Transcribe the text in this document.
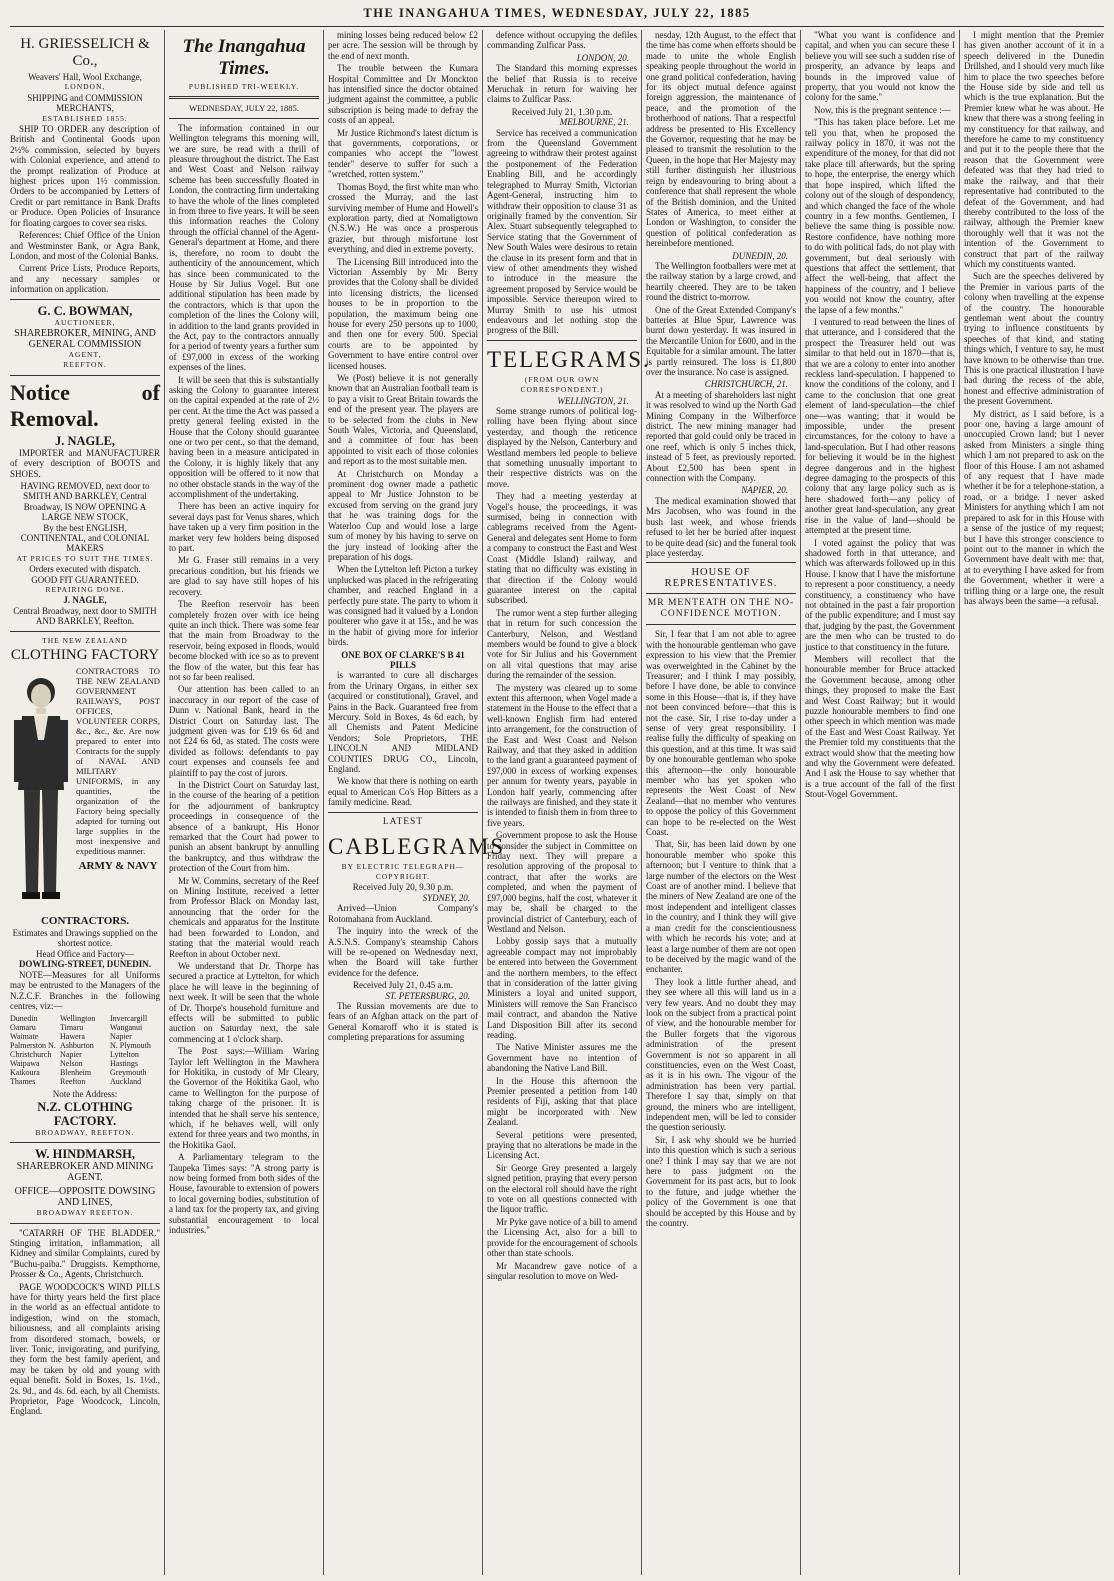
THE INANGAHUA TIMES, WEDNESDAY, JULY 22, 1885
H. GRIESSELICH & Co.,
Weavers' Hall, Wool Exchange,
LONDON,
SHIPPING and COMMISSION MERCHANTS,
ESTABLISHED 1855.

SHIP TO ORDER any description of British and Continental Goods upon 2½% commission, selected by buyers with Colonial experience, and attend to the prompt realization of Produce at highest prices upon 1½ commission. Orders to be accompanied by Letters of Credit or part remittance in Bank Drafts or Produce. Open Policies of Insurance for floating cargoes to cover sea risks.

References: Chief Office of the Union and Westminster Bank, or Agra Bank, London, and most of the Colonial Banks.

Current Price Lists, Produce Reports, and any necessary samples or information on application.

G. C. BOWMAN,
AUCTIONEER,
SHAREBROKER, MINING, AND
GENERAL COMMISSION
AGENT,
REEFTON.
Notice of Removal.
J. NAGLE,

IMPORTER and MANUFACTURER of every description of BOOTS and SHOES.

HAVING REMOVED, next door to SMITH AND BARKLEY, Central Broadway, IS NOW OPENING A LARGE NEW STOCK,
By the best ENGLISH, CONTINENTAL, and COLONIAL MAKERS
AT PRICES TO SUIT THE TIMES.
Orders executed with dispatch.
GOOD FIT GUARANTEED.
REPAIRING DONE.
J. NAGLE,
Central Broadway, next door to SMITH AND BARKLEY, Reefton.
THE NEW ZEALAND
CLOTHING FACTORY
CONTRACTORS TO THE NEW ZEALAND GOVERNMENT RAILWAYS, POST OFFICES, VOLUNTEER CORPS, &c., &c., &c. Are now prepared to enter into Contracts for the supply of NAVAL AND MILITARY UNIFORMS, in any quantities, the organization of the Factory being specially adapted for turning out large supplies in the most inexpensive and expeditious manner.
ARMY & NAVY CONTRACTORS.
Estimates and Drawings supplied on the shortest notice.
Head Office and Factory—
DOWLING-STREET, DUNEDIN.

NOTE—Measures for all Uniforms may be entrusted to the Managers of the N.Z.C.F. Branches in the following centres, viz:—

Dunedin	Wellington	Invercargill
Oamaru	Timaru	Wanganui
Waimate	Hawera	Napier
Palmerston N. Ashburton	N. Plymouth
Christchurch	Napier	Lyttelton
Waipawa	Nelson	Hastings
Kaikoura	Blenheim	Greymouth
Thames	Reefton	Auckland
Note the Address:
N.Z. CLOTHING FACTORY.
BROADWAY, REEFTON.
W. HINDMARSH,
SHAREBROKER AND MINING AGENT.
OFFICE—OPPOSITE DOWSING AND LINES,
BROADWAY REEFTON.

"CATARRH OF THE BLADDER." Stinging irritation, inflammation, all Kidney and similar Complaints, cured by "Buchu-paiba." Druggists. Kempthorne, Prosser & Co., Agents, Christchurch.

PAGE WOODCOCK'S WIND PILLS have for thirty years held the first place in the world as an effectual antidote to indigestion, wind on the stomach, biliousness, and all complaints arising from disordered stomach, bowels, or liver. Tonic, invigorating, and purifying, they form the best family aperient, and may be taken by old and young with equal benefit. Sold in Boxes, 1s. 1½d., 2s. 9d., and 4s. 6d. each, by all Chemists. Proprietor, Page Woodcock, Lincoln, England.

The Inangahua Times.
PUBLISHED TRI-WEEKLY.
WEDNESDAY, JULY 22, 1885.

The information contained in our Wellington telegrams this morning will, we are sure, be read with a thrill of pleasure throughout the district. The East and West Coast and Nelson railway scheme has been successfully floated in London, the contracting firm undertaking to have the whole of the lines completed in from three to five years. It will be seen this information reaches the Colony through the official channel of the Agent-General's department at Home, and there is, therefore, no room to doubt the authenticity of the announcement, which has since been communicated to the House by Sir Julius Vogel. But one additional stipulation has been made by the contractors, which is that upon the completion of the lines the Colony will, in addition to the land grants provided in the Act, pay to the contractors annually for a period of twenty years a further sum of £97,000 in excess of the working expenses of the lines.

It will be seen that this is substantially asking the Colony to guarantee interest on the capital expended at the rate of 2½ per cent. At the time the Act was passed a pretty general feeling existed in the House that the Colony should guarantee one or two per cent., so that the demand, having been in a measure anticipated in the Colony, it is highly likely that any opposition will be offered to it now that no other obstacle stands in the way of the accomplishment of the undertaking.

There has been an active inquiry for several days past for Venus shares, which have taken up a very firm position in the market very few holders being disposed to part.

Mr G. Fraser still remains in a very precarious condition, but his friends we are glad to say have still hopes of his recovery.

The Reefton reservoir has been completely frozen over with ice being quite an inch thick. There was some fear that the main from Broadway to the reservoir, being exposed in floods, would become blocked with ice so as to prevent the flow of the water, but this fear has not so far been realised.

Our attention has been called to an inaccuracy in our report of the case of Dunn v. National Bank, heard in the District Court on Saturday last. The judgment given was for £19 6s 6d and not £24 6s 6d, as stated. The costs were divided as follows: defendants to pay court expenses and counsels fee and plaintiff to pay the cost of jurors.

In the District Court on Saturday last, in the course of the hearing of a petition for the adjournment of bankruptcy proceedings in consequence of the absence of a bankrupt, His Honor remarked that the Court had power to punish an absent bankrupt by annulling the bankruptcy, and thus withdraw the protection of the Court from him.

Mr W. Commins, secretary of the Reef on Mining Institute, received a letter from Professor Black on Monday last, announcing that the order for the chemicals and apparatus for the Institute had been forwarded to London, and stating that the material would reach Reefton in about October next.

We understand that Dr. Thorpe has secured a practice at Lyttelton, for which place he will leave in the beginning of next week. It will be seen that the whole of Dr. Thorpe's household furniture and effects will be submitted to public auction on Saturday next, the sale commencing at 1 o'clock sharp.

The Post says:—William Waring Taylor left Wellington in the Mawhera for Hokitika, in custody of Mr Cleary, the Governor of the Hokitika Gaol, who came to Wellington for the purpose of taking charge of the prisoner. It is intended that he shall serve his sentence, which, if he behaves well, will only extend for three years and two months, in the Hokitika Gaol.

A Parliamentary telegram to the Taupeka Times says: "A strong party is now being formed from both sides of the House, favourable to extension of powers to local governing bodies, substitution of a land tax for the property tax, and giving substantial encouragement to local industries."

mining losses being reduced below £2 per acre. The session will be through by the end of next month.

The trouble between the Kumara Hospital Committee and Dr Monckton has intensified since the doctor obtained judgment against the committee, a public subscription is being made to defray the costs of an appeal.

Mr Justice Richmond's latest dictum is that governments, corporations, or companies who accept the "lowest tender" deserve to suffer for such a "wretched, rotten system."

Thomas Boyd, the first white man who crossed the Murray, and the last surviving member of Hume and Howell's exploration party, died at Nomaligtown (N.S.W.) He was once a prosperous grazier, but through misfortune lost everything, and died in extreme poverty.

The Licensing Bill introduced into the Victorian Assembly by Mr Berry provides that the Colony shall be divided into licensing districts, the licensed houses to be in proportion to the population, the maximum being one house for every 250 persons up to 1000, and then one for every 500. Special courts are to be appointed by Government to have entire control over licensed houses.

We (Post) believe it is not generally known that an Australian football team is to pay a visit to Great Britain towards the end of the present year. The players are to be selected from the clubs in New South Wales, Victoria, and Queensland, and a committee of four has been appointed to visit each of those colonies and report as to the most suitable men.

At Christchurch on Monday a prominent dog owner made a pathetic appeal to Mr Justice Johnston to be excused from serving on the grand jury that he was training dogs for the Waterloo Cup and would lose a large sum of money by his having to serve on the jury instead of looking after the preparation of his dogs.

When the Lyttelton left Picton a turkey unplucked was placed in the refrigerating chamber, and reached England in a perfectly pure state. The party to whom it was consigned had it valued by a London poulterer who gave it at 15s., and he was in the habit of giving more for inferior birds.

ONE BOX OF CLARKE'S B 41 PILLS

is warranted to cure all discharges from the Urinary Organs, in either sex (acquired or constitutional), Gravel, and Pains in the Back. Guaranteed free from Mercury. Sold in Boxes, 4s 6d each, by all Chemists and Patent Medicine Vendors; Sole Proprietors, THE LINCOLN AND MIDLAND COUNTIES DRUG CO., Lincoln, England.

We know that there is nothing on earth equal to American Co's Hop Bitters as a family medicine. Read.

LATEST
CABLEGRAMS
BY ELECTRIC TELEGRAPH—COPYRIGHT.
Received July 20, 9.30 p.m.
SYDNEY, 20.

Arrived—Union Company's Rotomahana from Auckland.

The inquiry into the wreck of the A.S.N.S. Company's steamship Cahors will be re-opened on Wednesday next, when the Board will take further evidence for the defence.

Received July 21, 0.45 a.m.
ST. PETERSBURG, 20.

The Russian movements are due to fears of an Afghan attack on the part of General Komaroff who it is stated is completing preparations for assuming

defence without occupying the defiles commanding Zulficar Pass.

LONDON, 20.

The Standard this morning expresses the belief that Russia is to receive Meruchak in return for waiving her claims to Zulficar Pass.

Received July 21, 1.30 p.m.
MELBOURNE, 21.

Service has received a communication from the Queensland Government agreeing to withdraw their protest against the postponement of the Federation Enabling Bill, and he accordingly telegraphed to Murray Smith, Victorian Agent-General, instructing him to withdraw their opposition to clause 31 as originally framed by the convention. Sir Alex. Stuart subsequently telegraphed to Service stating that the Government of New South Wales were desirous to retain the clause in its present form and that in view of other amendments they wished to introduce in the measure the agreement proposed by Service would be impossible. Service thereupon wired to Murray Smith to use his utmost endeavours and let nothing stop the progress of the Bill.

TELEGRAMS.
(FROM OUR OWN CORRESPONDENT.)
WELLINGTON, 21.

Some strange rumors of political log-rolling have been flying about since yesterday, and though the reticence displayed by the Nelson, Canterbury and Westland members led people to believe that something unusually important to their respective districts was on the move.

They had a meeting yesterday at Vogel's house, the proceedings, it was surmised, being in connection with cablegrams received from the Agent-General and delegates sent Home to form a company to construct the East and West Coast (Middle Island) railway, and stating that no difficulty was existing in that direction if the Colony would guarantee interest on the capital subscribed.

The rumor went a step further alleging that in return for such concession the Canterbury, Nelson, and Westland members would be found to give a block vote for Sir Julius and his Government on all vital questions that may arise during the remainder of the session.

The mystery was cleared up to some extent this afternoon, when Vogel made a statement in the House to the effect that a well-known English firm had entered into arrangement, for the construction of the East and West Coast and Nelson Railway, and that they asked in addition to the land grant a guaranteed payment of £97,000 in excess of working expenses per annum for twenty years, payable in London half yearly, commencing after the railways are finished, and they state it is intended to finish them in from three to five years.

Government propose to ask the House to consider the subject in Committee on Friday next. They will prepare a resolution approving of the proposal to contract, that after the works are completed, and when the payment of £97,000 begins, half the cost, whatever it may be, shall be charged to the provincial district of Canterbury, each of Westland and Nelson.

Lobby gossip says that a mutually agreeable compact may not improbably be entered into between the Government and the northern members, to the effect that in consideration of the latter giving Ministers a loyal and united support, Ministers will remove the San Francisco mail contract, and abandon the Native Land Disposition Bill after its second reading.

The Native Minister assures me the Government have no intention of abandoning the Native Land Bill.

In the House this afternoon the Premier presented a petition from 140 residents of Fiji, asking that that place might be incorporated with New Zealand.

Several petitions were presented, praying that no alterations be made in the Licensing Act.

Sir George Grey presented a largely signed petition, praying that every person on the electoral roll should have the right to vote on all questions connected with the liquor traffic.

Mr Pyke gave notice of a bill to amend the Licensing Act, also for a bill to provide for the encouragement of schools other than state schools.

Mr Macandrew gave notice of a singular resolution to move on Wed-

nesday, 12th August, to the effect that the time has come when efforts should be made to unite the whole English speaking people throughout the world in one grand political confederation, having for its object mutual defence against foreign aggression, the maintenance of peace, and the promotion of the brotherhood of nations. That a respectful address be presented to His Excellency the Governor, requesting that he may be pleased to transmit the resolution to the Queen, in the hope that Her Majesty may still further distinguish her illustrious reign by endeavouring to bring about a conference that shall represent the whole of the British dominion, and the United States of America, to meet either at London or Washington, to consider the question of political confederation as hereinbefore mentioned.

DUNEDIN, 20.

The Wellington footballers were met at the railway station by a large crowd, and heartily cheered. They are to be taken round the district to-morrow.

One of the Great Extended Company's batteries at Blue Spur, Lawrence was burnt down yesterday. It was insured in the Mercantile Union for £600, and in the Equitable for a similar amount. The latter is partly reinsured. The loss is £1,800 over the insurance. No case is assigned.

CHRISTCHURCH, 21.

At a meeting of shareholders last night it was resolved to wind up the North Gad Mining Company in the Wilberforce district. The new mining manager had reported that gold could only be traced in one reef, which is only 5 inches thick, instead of 5 feet, as previously reported. About £2,500 has been spent in connection with the Company.

NAPIER, 20.

The medical examination showed that Mrs Jacobsen, who was found in the bush last week, and whose friends refused to let her be buried after inquest to be quite dead (sic) and the funeral took place yesterday.

HOUSE OF REPRESENTATIVES.
MR MENTEATH ON THE NO-CONFIDENCE MOTION.

Sir, I fear that I am not able to agree with the honourable gentleman who gave expression to his view that the Premier was overweighted in the Cabinet by the Treasurer; and I think I may possibly, before I have done, be able to convince some in this House—that is, if they have not been convinced before—that this is not the case. Sir, I rise to-day under a sense of very great responsibility. I realise fully the difficulty of speaking on this question, and at this time. It was said by one honourable gentleman who spoke this afternoon—the only honourable member who has yet spoken who represents the West Coast of New Zealand—that no member who ventures to oppose the policy of this Government can hope to be re-elected on the West Coast.

That, Sir, has been laid down by one honourable member who spoke this afternoon; but I venture to think that a large number of the electors on the West Coast are of another mind. I believe that the miners of New Zealand are one of the most independent and intelligent classes in the country, and I think they will give a man credit for the conscientiousness with which he records his vote; and at least a large number of them are not open to be deceived by the magic wand of the enchanter.

They look a little further ahead, and they see where all this will land us in a very few years. And no doubt they may look on the subject from a practical point of view, and the honourable member for the Buller forgets that the vigorous administration of the present Government is not so apparent in all constituencies, even on the West Coast, as it is in his own. The vigour of the administration has been very partial. Therefore I say that, simply on that ground, the miners who are intelligent, independent men, will be led to consider the question seriously.

Sir, I ask why should we be hurried into this question which is such a serious one? I think I may say that we are not here to pass judgment on the Government for its past acts, but to look to the future, and judge whether the policy of the Government is one that should be accepted by this House and by the country.

"What you want is confidence and capital, and when you can secure these I believe you will see such a sudden rise of prosperity, an advance by leaps and bounds in the improved value of property, that you would not know the colony for the same."

Now, this is the pregnant sentence :—

"This has taken place before. Let me tell you that, when he proposed the railway policy in 1870, it was not the expenditure of the money, for that did not take place till afterwards, but the spring to hope, the enterprise, the energy which that hope inspired, which lifted the colony out of the slough of despondency, and which changed the face of the whole country in a few months. Gentlemen, I believe the same thing is possible now. Restore confidence, have nothing more to do with political fads, do not play with government, but deal seriously with questions that affect the settlement, that affect the well-being, that affect the happiness of the country, and I believe you would not know the country, after the lapse of a few months."

I ventured to read between the lines of that utterance, and I considered that the prospect the Treasurer held out was similar to that held out in 1870—that is, that we are a colony to enter into another reckless land-speculation. I happened to know the conditions of the colony, and I came to the conclusion that one great element of land-speculation—the chief one—was wanting; that it would be impossible, under the present circumstances, for the colony to have a land-speculation. But I had other reasons for believing it would be in the highest degree dangerous and in the highest degree damaging to the prospects of this colony that any large policy such as is here shadowed forth—any policy of another great land-speculation, any great rise in the value of land—should be attempted at the present time.

I voted against the policy that was shadowed forth in that utterance, and which was afterwards followed up in this House. I know that I have the misfortune to represent a poor constituency, a needy constituency, a constituency who have not obtained in the past a fair proportion of the public expenditure; and I must say that, judging by the past, the Government are the men who can be trusted to do justice to that constituency in the future.

Members will recollect that the honourable member for Bruce attacked the Government because, among other things, they proposed to make the East and West Coast Railway; but it would puzzle honourable members to find one other speech in which mention was made of the East and West Coast Railway. Yet the Premier told my constituents that the extract would show that the meeting how and why the Government were defeated. And I ask the House to say whether that is a true account of the fall of the first Stout-Vogel Government.

I might mention that the Premier has given another account of it in a speech delivered in the Dunedin Drillshed, and I should very much like him to place the two speeches before the House side by side and tell us which is the true explanation. But the Premier knew what he was about. He knew that there was a strong feeling in my constituency for that railway, and therefore he came to my constituency and put it to the people there that the reason that the Government were defeated was that they had tried to make the railway, and that their representative had contributed to the defeat of the Government, and had thereby contributed to the loss of the railway, although the Premier knew thoroughly well that it was not the intention of the Government to construct that part of the railway which my constituents wanted.

Such are the speeches delivered by the Premier in various parts of the colony when travelling at the expense of the country. The honourable gentleman went about the country trying to influence constituents by speeches of that kind, and stating things which, I venture to say, he must have known to be otherwise than true. This is one practical illustration I have had during the recess of the able, honest and effective administration of the present Government.

My district, as I said before, is a poor one, having a large amount of unoccupied Crown land; but I never asked from Ministers a single thing which I am not prepared to ask on the floor of this House. I am not ashamed of any request that I have made whether it be for a telephone-station, a road, or a bridge. I never asked Ministers for anything which I am not prepared to ask for in this House with a sense of the justice of my request; but I have this stronger conscience to point out to the manner in which the Government have dealt with me: that, at to everything I have asked for from the Government, whether it were a trifling thing or a large one, the result has always been the same—a refusal.
